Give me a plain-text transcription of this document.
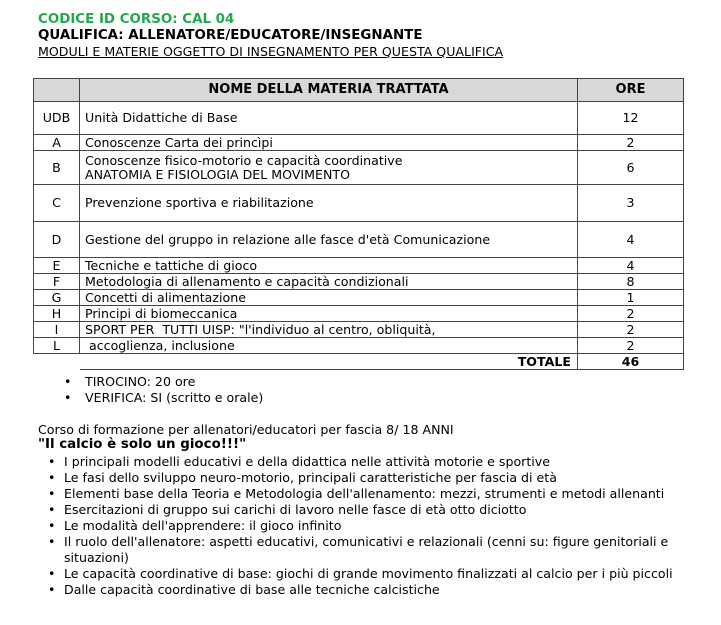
CODICE ID CORSO: CAL 04
QUALIFICA: ALLENATORE/EDUCATORE/INSEGNANTE
MODULI E MATERIE OGGETTO DI INSEGNAMENTO PER QUESTA QUALIFICA
	NOME DELLA MATERIA TRATTATA	ORE
UDB	Unità Didattiche di Base	12
A	Conoscenze Carta dei princìpi	2
B	Conoscenze fisico-motorio e capacità coordinative
ANATOMIA E FISIOLOGIA DEL MOVIMENTO	6
C	Prevenzione sportiva e riabilitazione	3
D	Gestione del gruppo in relazione alle fasce d'età Comunicazione	4
E	Tecniche e tattiche di gioco	4
F	Metodologia di allenamento e capacità condizionali	8
G	Concetti di alimentazione	1
H	Principi di biomeccanica	2
I	SPORT PER  TUTTI UISP: "l'individuo al centro, obliquità,	2
L	accoglienza, inclusione	2
	TOTALE	46
• TIROCINO: 20 ore
• VERIFICA: SI (scritto e orale)
Corso di formazione per allenatori/educatori per fascia 8/ 18 ANNI
"Il calcio è solo un gioco!!!"
• I principali modelli educativi e della didattica nelle attività motorie e sportive
• Le fasi dello sviluppo neuro-motorio, principali caratteristiche per fascia di età
• Elementi base della Teoria e Metodologia dell'allenamento: mezzi, strumenti e metodi allenanti
• Esercitazioni di gruppo sui carichi di lavoro nelle fasce di età otto diciotto
• Le modalità dell'apprendere: il gioco infinito
• Il ruolo dell'allenatore: aspetti educativi, comunicativi e relazionali (cenni su: figure genitoriali e situazioni)
• Le capacità coordinative di base: giochi di grande movimento finalizzati al calcio per i più piccoli
• Dalle capacità coordinative di base alle tecniche calcistiche
